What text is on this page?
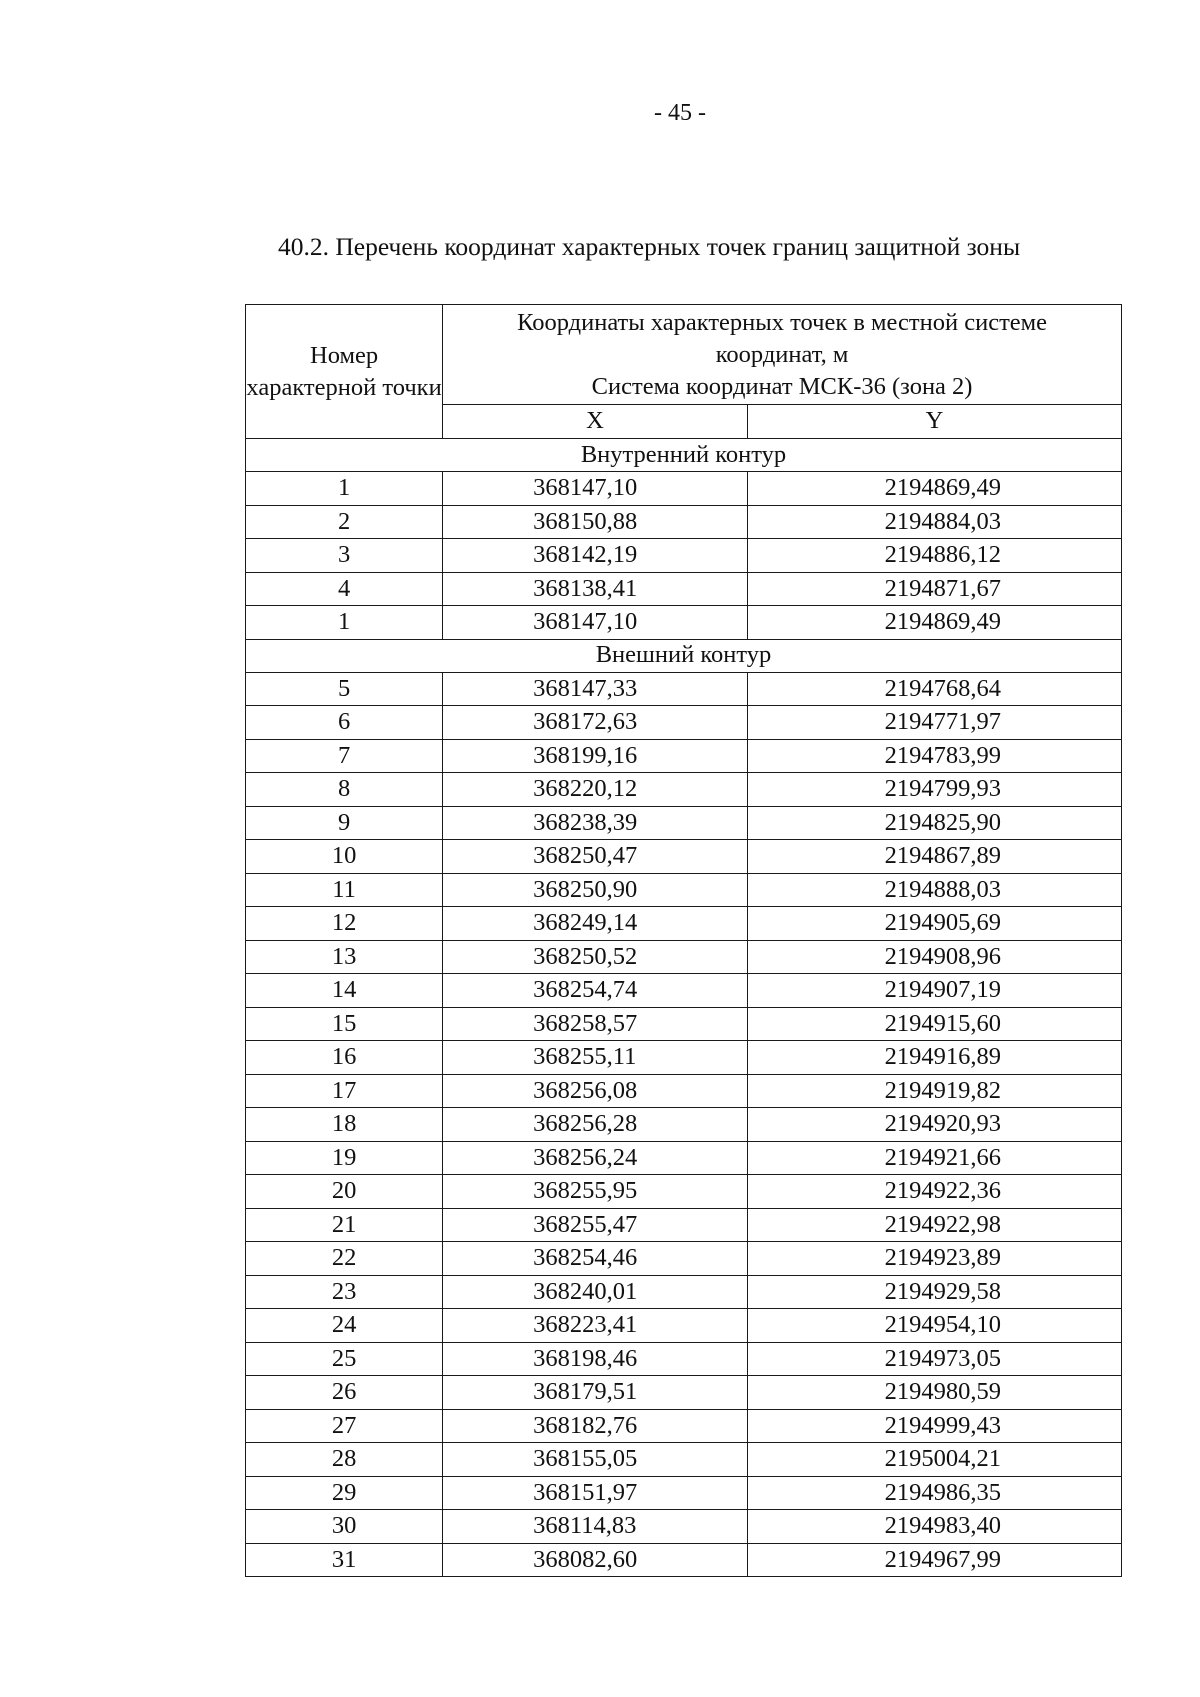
- 45 -
40.2. Перечень координат характерных точек границ защитной зоны
Номер характерной точки	Координаты характерных точек в местной системе
координат, м
Система координат МСК-36 (зона 2)	

	X	Y
Внутренний контур		
1	368147,10	2194869,49
2	368150,88	2194884,03
3	368142,19	2194886,12
4	368138,41	2194871,67
1	368147,10	2194869,49
Внешний контур		
5	368147,33	2194768,64
6	368172,63	2194771,97
7	368199,16	2194783,99
8	368220,12	2194799,93
9	368238,39	2194825,90
10	368250,47	2194867,89
11	368250,90	2194888,03
12	368249,14	2194905,69
13	368250,52	2194908,96
14	368254,74	2194907,19
15	368258,57	2194915,60
16	368255,11	2194916,89
17	368256,08	2194919,82
18	368256,28	2194920,93
19	368256,24	2194921,66
20	368255,95	2194922,36
21	368255,47	2194922,98
22	368254,46	2194923,89
23	368240,01	2194929,58
24	368223,41	2194954,10
25	368198,46	2194973,05
26	368179,51	2194980,59
27	368182,76	2194999,43
28	368155,05	2195004,21
29	368151,97	2194986,35
30	368114,83	2194983,40
31	368082,60	2194967,99
